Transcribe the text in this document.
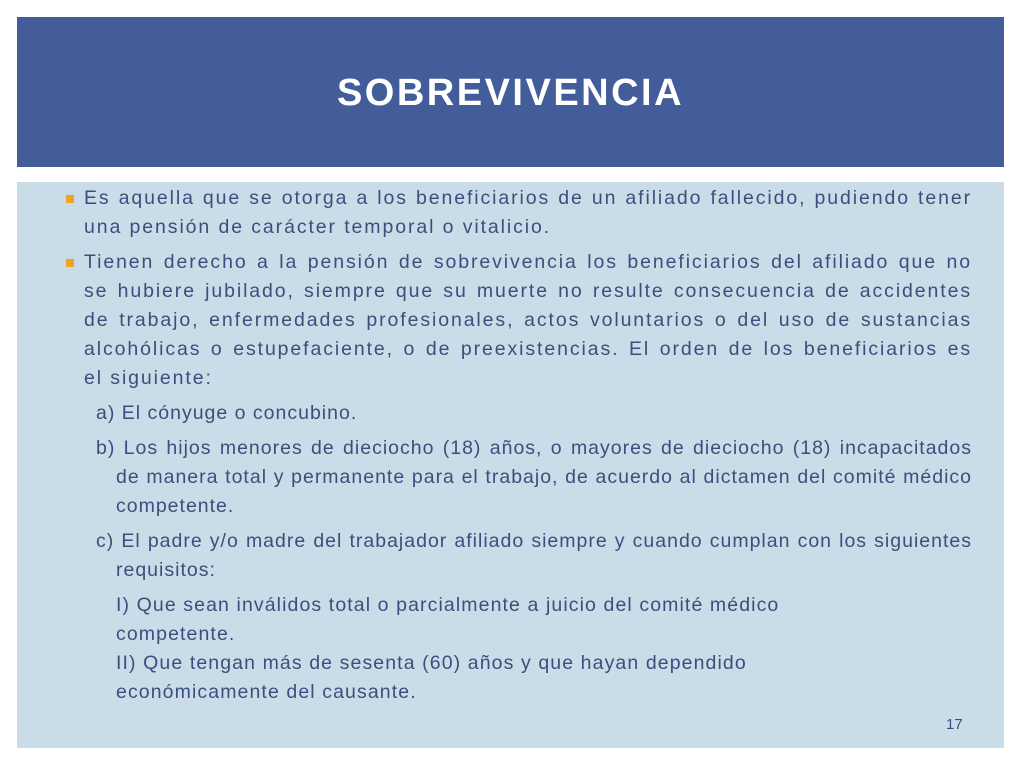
SOBREVIVENCIA
Es aquella que se otorga a los beneficiarios de un afiliado fallecido, pudiendo tener una pensión de carácter temporal o vitalicio.
Tienen derecho a la pensión de sobrevivencia los beneficiarios del afiliado que no se hubiere jubilado, siempre que su muerte no resulte consecuencia de accidentes de trabajo, enfermedades profesionales, actos voluntarios o del uso de sustancias alcohólicas o estupefaciente, o de preexistencias. El orden de los beneficiarios es el siguiente:
a) El cónyuge o concubino.
b) Los hijos menores de dieciocho (18) años, o mayores de dieciocho (18) incapacitados de manera total y permanente para el trabajo, de acuerdo al dictamen del comité médico competente.
c) El padre y/o madre del trabajador afiliado siempre y cuando cumplan con los siguientes requisitos:
I) Que sean inválidos total o parcialmente a juicio del comité médico competente.
II) Que tengan más de sesenta (60) años y que hayan dependido económicamente del causante.
17
